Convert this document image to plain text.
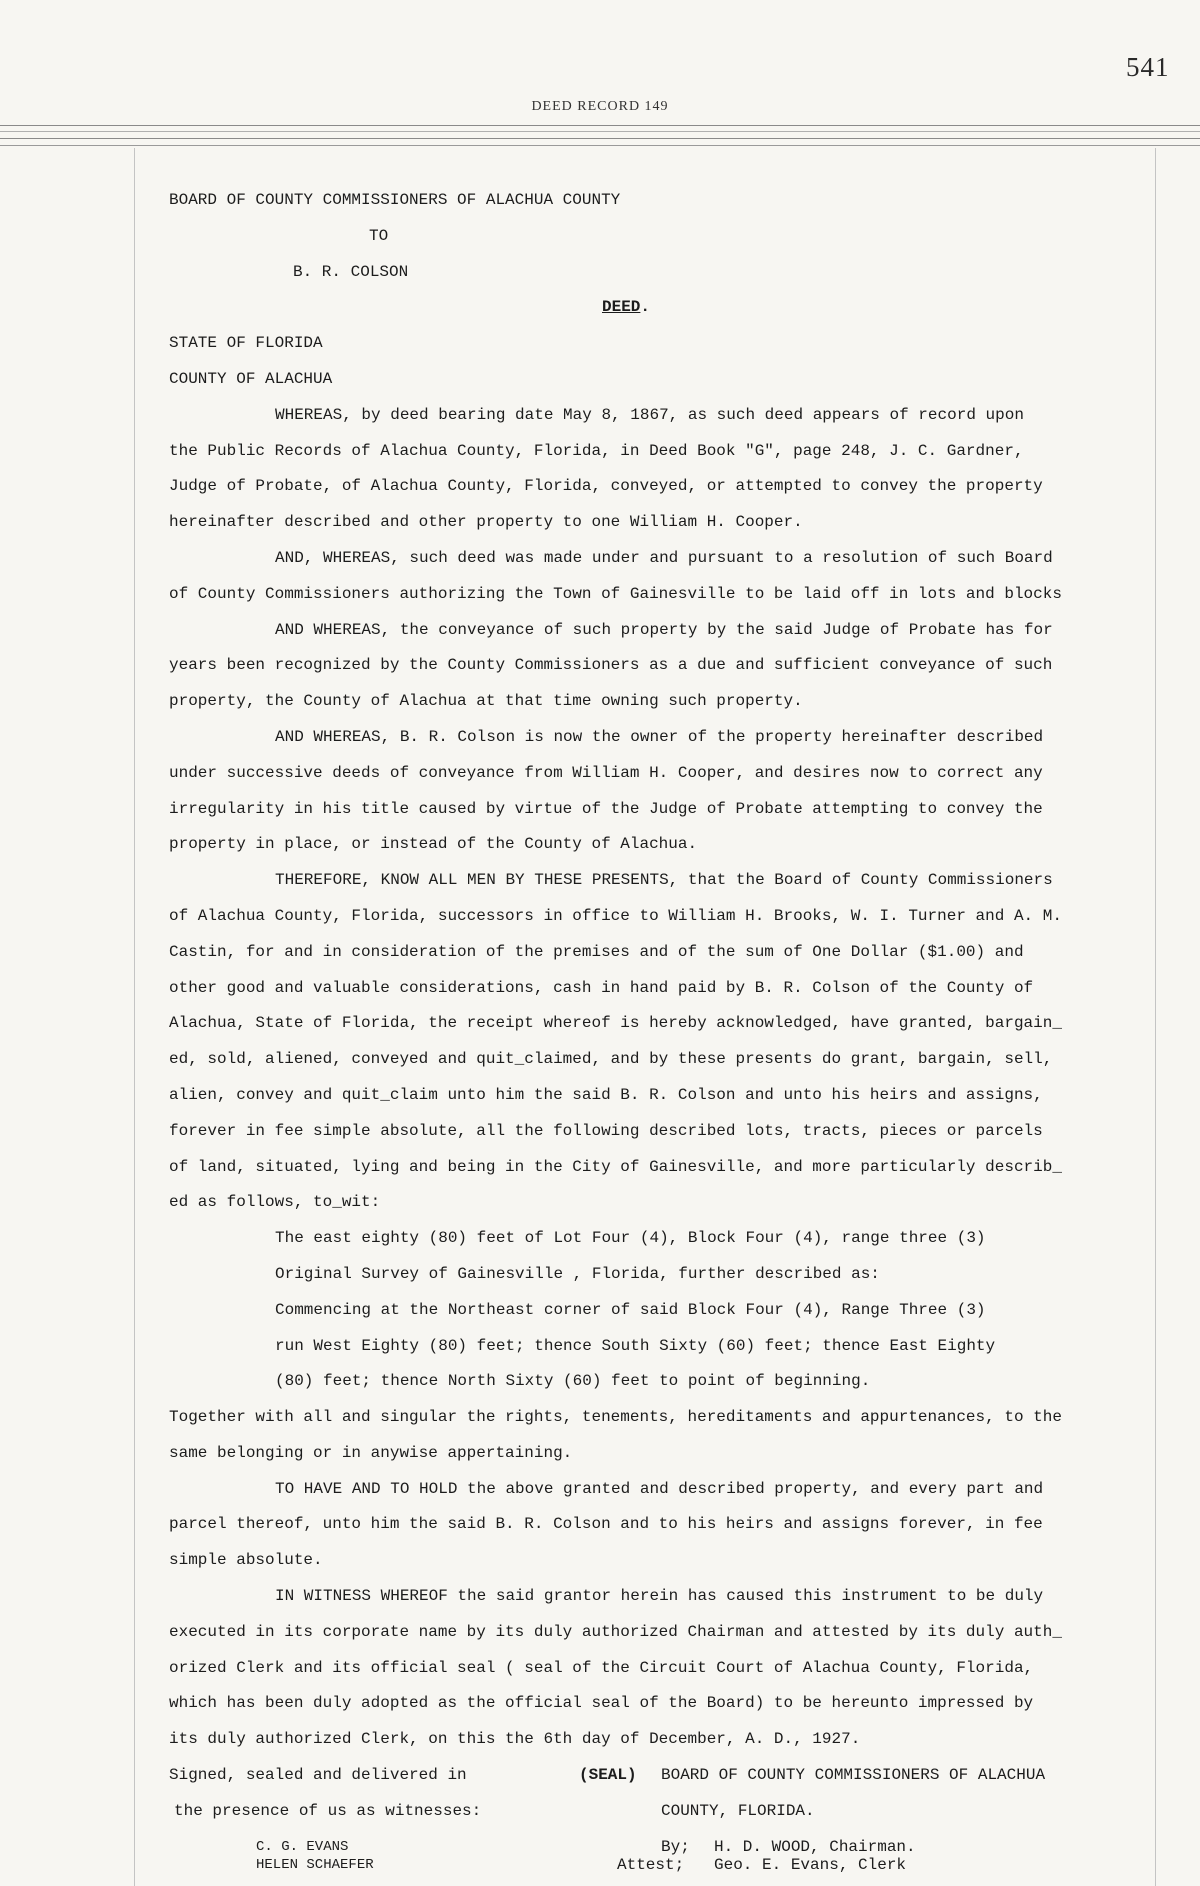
541
DEED RECORD 149
BOARD OF COUNTY COMMISSIONERS OF ALACHUA COUNTY
TO
B. R. COLSON
DEED.
STATE OF FLORIDA
COUNTY OF ALACHUA
WHEREAS, by deed bearing date May 8, 1867, as such deed appears of record upon
the Public Records of Alachua County, Florida, in Deed Book "G", page 248, J. C. Gardner,
Judge of Probate, of Alachua County, Florida, conveyed, or attempted to convey the property
hereinafter described and other property to one William H. Cooper.
AND, WHEREAS, such deed was made under and pursuant to a resolution of such Board
of County Commissioners authorizing the Town of Gainesville to be laid off in lots and blocks
AND WHEREAS, the conveyance of such property by the said Judge of Probate has for
years been recognized by the County Commissioners as a due and sufficient conveyance of such
property, the County of Alachua at that time owning such property.
AND WHEREAS, B. R. Colson is now the owner of the property hereinafter described
under successive deeds of conveyance from William H. Cooper, and desires now to correct any
irregularity in his title caused by virtue of the Judge of Probate attempting to convey the
property in place, or instead of the County of Alachua.
THEREFORE, KNOW ALL MEN BY THESE PRESENTS, that the Board of County Commissioners
of Alachua County, Florida, successors in office to William H. Brooks, W. I. Turner and A. M.
Castin, for and in consideration of the premises and of the sum of One Dollar ($1.00) and
other good and valuable considerations, cash in hand paid by B. R. Colson of the County of
Alachua, State of Florida, the receipt whereof is hereby acknowledged, have granted, bargain_
ed, sold, aliened, conveyed and quit_claimed, and by these presents do grant, bargain, sell,
alien, convey and quit_claim unto him the said B. R. Colson and unto his heirs and assigns,
forever in fee simple absolute, all the following described lots, tracts, pieces or parcels
of land, situated, lying and being in the City of Gainesville, and more particularly describ_
ed as follows, to_wit:
The east eighty (80) feet of Lot Four (4), Block Four (4), range three (3)
Original Survey of Gainesville , Florida, further described as:
Commencing at the Northeast corner of said Block Four (4), Range Three (3)
run West Eighty (80) feet; thence South Sixty (60) feet; thence East Eighty
(80) feet; thence North Sixty (60) feet to point of beginning.
Together with all and singular the rights, tenements, hereditaments and appurtenances, to the
same belonging or in anywise appertaining.
TO HAVE AND TO HOLD the above granted and described property, and every part and
parcel thereof, unto him the said B. R. Colson and to his heirs and assigns forever, in fee
simple absolute.
IN WITNESS WHEREOF the said grantor herein has caused this instrument to be duly
executed in its corporate name by its duly authorized Chairman and attested by its duly auth_
orized Clerk and its official seal ( seal of the Circuit Court of Alachua County, Florida,
which has been duly adopted as the official seal of the Board) to be hereunto impressed by
its duly authorized Clerk, on this the 6th day of December, A. D., 1927.
Signed, sealed and delivered in	(SEAL) BOARD OF COUNTY COMMISSIONERS OF ALACHUA
the presence of us as witnesses:	COUNTY, FLORIDA.
C. G. EVANS	By; H. D. WOOD, Chairman.
HELEN SCHAEFER	Attest; Geo. E. Evans, Clerk
